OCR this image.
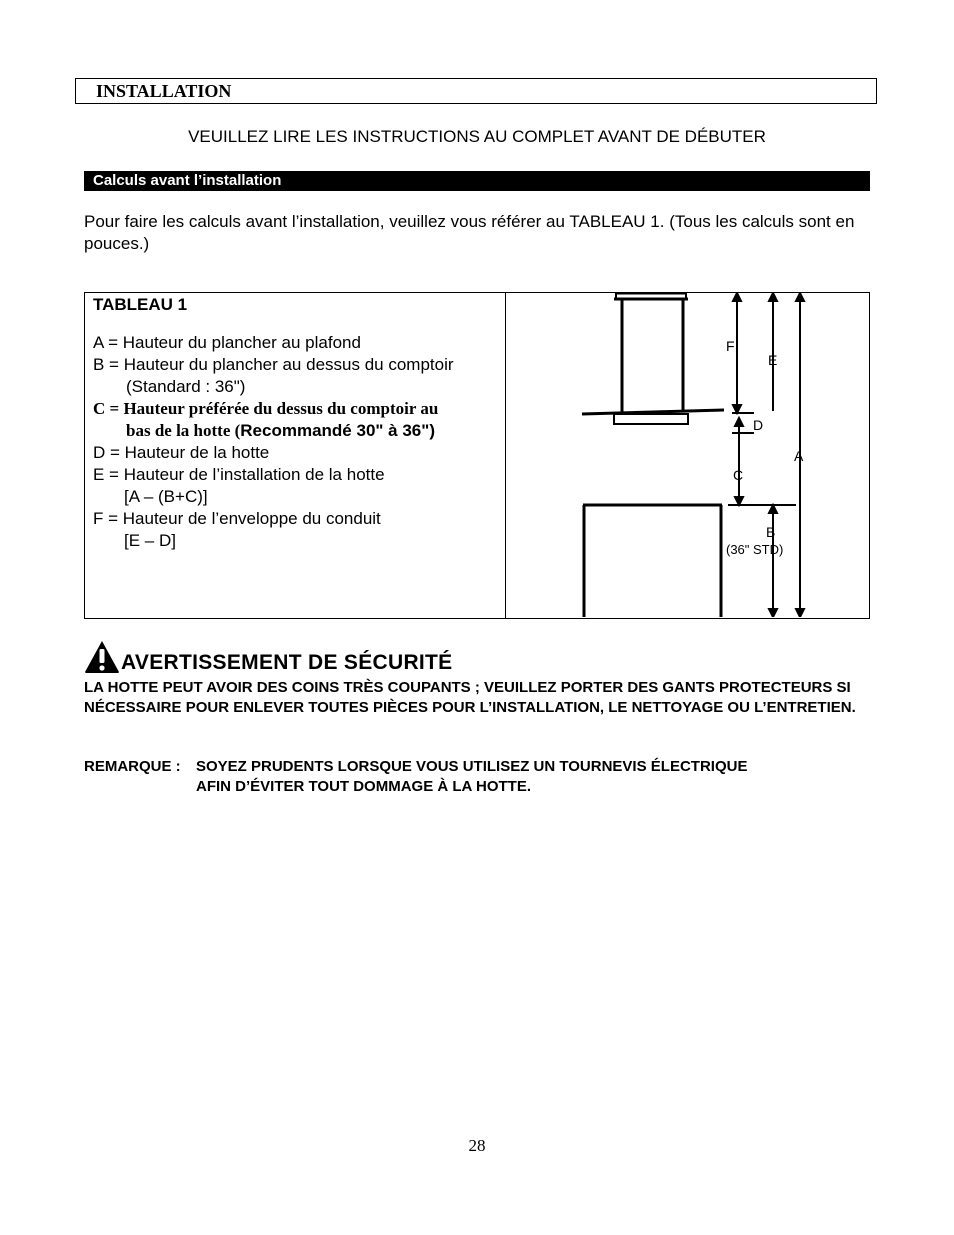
INSTALLATION
VEUILLEZ LIRE LES INSTRUCTIONS AU COMPLET AVANT DE DÉBUTER
Calculs avant l’installation
Pour faire les calculs avant l’installation, veuillez vous référer au TABLEAU 1. (Tous les calculs sont en pouces.)
TABLEAU 1
A = Hauteur du plancher au plafond
B = Hauteur du plancher au dessus du comptoir
(Standard : 36")
C = Hauteur préférée du dessus du comptoir au
bas de la hotte (Recommandé 30" à 36")
D = Hauteur de la hotte
E = Hauteur de l’installation de la hotte
[A – (B+C)]
F = Hauteur de l’enveloppe du conduit
[E – D]
F
E
D
C
A
B
(36" STD)
AVERTISSEMENT DE SÉCURITÉ
LA HOTTE PEUT AVOIR DES COINS TRÈS COUPANTS ; VEUILLEZ PORTER DES GANTS PROTECTEURS SI NÉCESSAIRE POUR ENLEVER TOUTES PIÈCES POUR L’INSTALLATION, LE NETTOYAGE OU L’ENTRETIEN.
REMARQUE : SOYEZ PRUDENTS LORSQUE VOUS UTILISEZ UN TOURNEVIS ÉLECTRIQUE
AFIN D’ÉVITER TOUT DOMMAGE À LA HOTTE.
28
